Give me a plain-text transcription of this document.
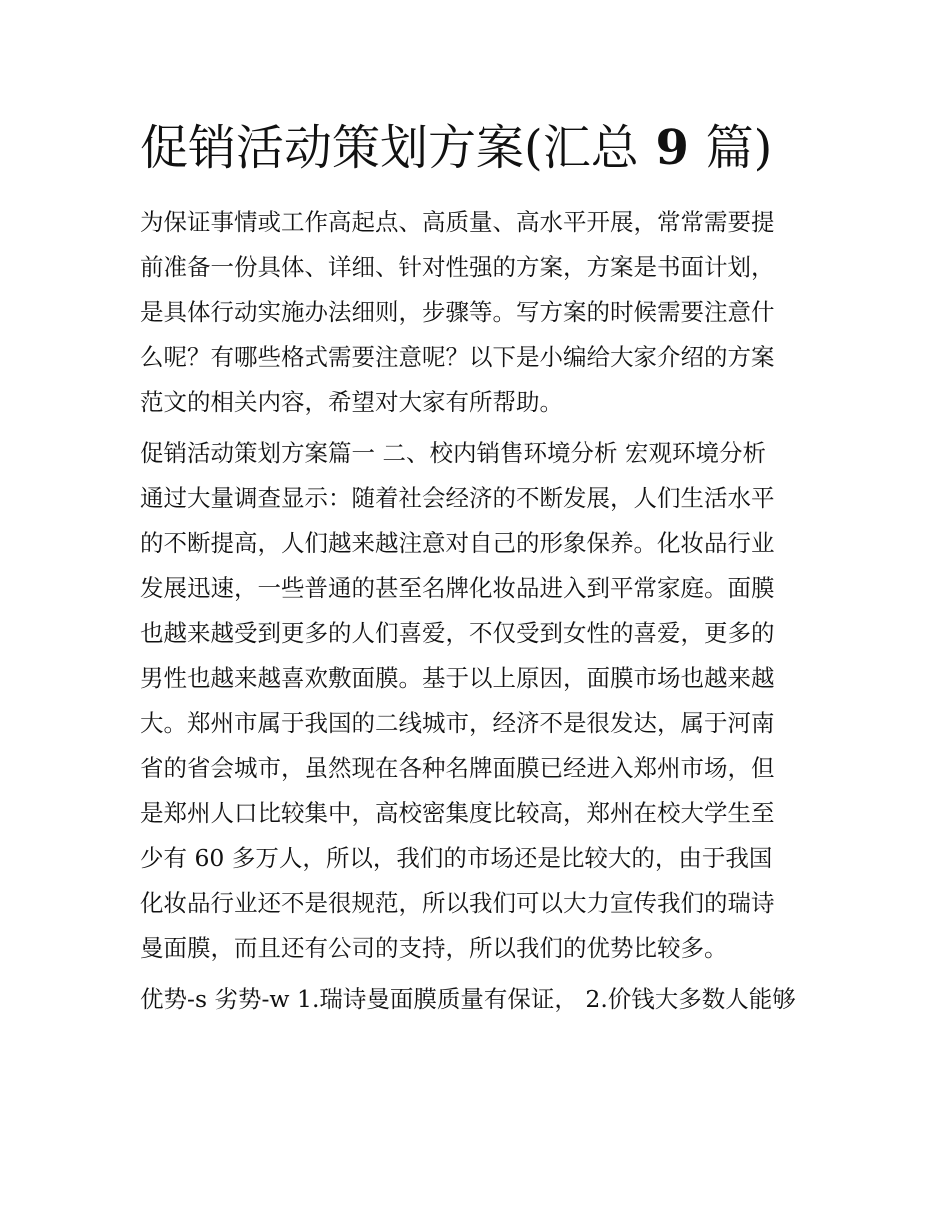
促销活动策划方案(汇总 9 篇)
为保证事情或工作高起点、高质量、高水平开展，常常需要提
前准备一份具体、详细、针对性强的方案，方案是书面计划，
是具体行动实施办法细则，步骤等。写方案的时候需要注意什
么呢？有哪些格式需要注意呢？以下是小编给大家介绍的方案
范文的相关内容，希望对大家有所帮助。
促销活动策划方案篇一 二、校内销售环境分析 宏观环境分析
通过大量调查显示：随着社会经济的不断发展，人们生活水平
的不断提高，人们越来越注意对自己的形象保养。化妆品行业
发展迅速，一些普通的甚至名牌化妆品进入到平常家庭。面膜
也越来越受到更多的人们喜爱，不仅受到女性的喜爱，更多的
男性也越来越喜欢敷面膜。基于以上原因，面膜市场也越来越
大。郑州市属于我国的二线城市，经济不是很发达，属于河南
省的省会城市，虽然现在各种名牌面膜已经进入郑州市场，但
是郑州人口比较集中，高校密集度比较高，郑州在校大学生至
少有 60 多万人，所以，我们的市场还是比较大的，由于我国
化妆品行业还不是很规范，所以我们可以大力宣传我们的瑞诗
曼面膜，而且还有公司的支持，所以我们的优势比较多。
优势-s 劣势-w 1.瑞诗曼面膜质量有保证， 2.价钱大多数人能够
